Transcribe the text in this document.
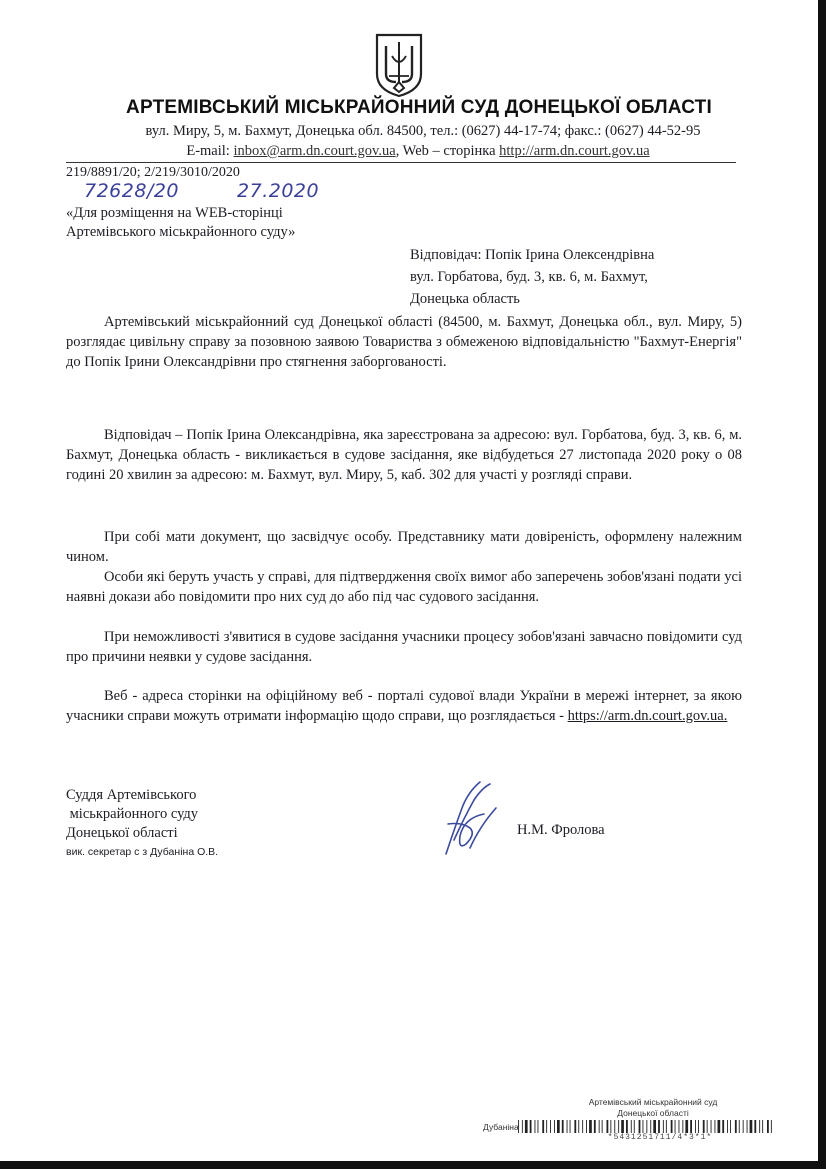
АРТЕМІВСЬКИЙ МІСЬКРАЙОННИЙ СУД ДОНЕЦЬКОЇ ОБЛАСТІ
вул. Миру, 5, м. Бахмут, Донецька обл. 84500, тел.: (0627) 44-17-74; факс.: (0627) 44-52-95
E-mail: inbox@arm.dn.court.gov.ua, Web – сторінка http://arm.dn.court.gov.ua
219/8891/20; 2/219/3010/2020
72628/20	27.2020
«Для розміщення на WEB-сторінці
Артемівського міськрайонного суду»
Відповідач: Попік Ірина Олексендрівна
вул. Горбатова, буд. 3, кв. 6, м. Бахмут,
Донецька область

Артемівський міськрайонний суд Донецької області (84500, м. Бахмут, Донецька обл., вул. Миру, 5) розглядає цивільну справу за позовною заявою Товариства з обмеженою відповідальністю "Бахмут-Енергія" до Попік Ірини Олександрівни про стягнення заборгованості.

Відповідач – Попік Ірина Олександрівна, яка зареєстрована за адресою: вул. Горбатова, буд. 3, кв. 6, м. Бахмут, Донецька область - викликається в судове засідання, яке відбудеться 27 листопада 2020 року о 08 годині 20 хвилин за адресою: м. Бахмут, вул. Миру, 5, каб. 302 для участі у розгляді справи.

При собі мати документ, що засвідчує особу. Представнику мати довіреність, оформлену належним чином.

Особи які беруть участь у справі, для підтвердження своїх вимог або заперечень зобов'язані подати усі наявні докази або повідомити про них суд до або під час судового засідання.

При неможливості з'явитися в судове засідання учасники процесу зобов'язані завчасно повідомити суд про причини неявки у судове засідання.

Веб - адреса сторінки на офіційному веб - порталі судової влади України в мережі інтернет, за якою учасники справи можуть отримати інформацію щодо справи, що розглядається - https://arm.dn.court.gov.ua.

Суддя Артемівського
міськрайонного суду
Донецької області
вик. секретар с з Дубаніна О.В.
Н.М. Фролова
Артемівський міськрайонний суд
Донецької області
Дубаніна
*5431251711/4*3*1*
